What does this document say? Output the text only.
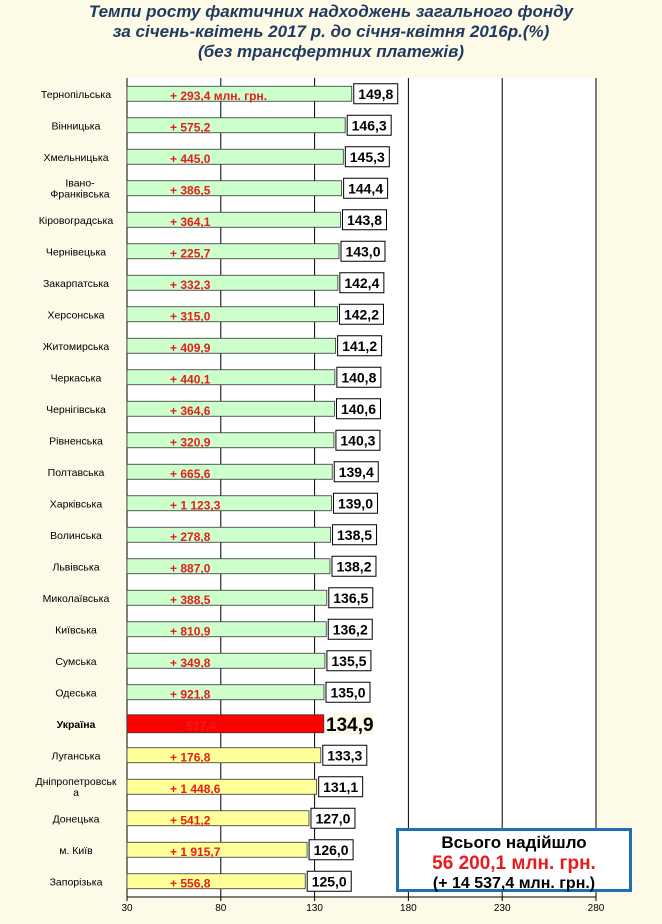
Темпи росту фактичних надходжень загального фонду
за січень-квітень 2017 р. до січня-квітня 2016р.(%)
(без трансфертних платежів)
30	80	130	180	230	280
Тернопільська	+ 293,4 млн. грн.	149,8
Вінницька	+ 575,2	146,3
Хмельницька	+ 445,0	145,3
Івано-Франківська	+ 386,5	144,4
Кіровоградська	+ 364,1	143,8
Чернівецька	+ 225,7	143,0
Закарпатська	+ 332,3	142,4
Херсонська	+ 315,0	142,2
Житомирська	+ 409,9	141,2
Черкаська	+ 440,1	140,8
Чернігівська	+ 364,6	140,6
Рівненська	+ 320,9	140,3
Полтавська	+ 665,6	139,4
Харківська	+ 1 123,3	139,0
Волинська	+ 278,8	138,5
Львівська	+ 887,0	138,2
Миколаївська	+ 388,5	136,5
Київська	+ 810,9	136,2
Сумська	+ 349,8	135,5
Одеська	+ 921,8	135,0
Україна	537,4	134,9
Луганська	+ 176,8	133,3
Дніпропетровськ а	+ 1 448,6	131,1
Донецька	+ 541,2	127,0
м. Київ	+ 1 915,7	126,0
Запорізька	+ 556,8	125,0
Всього надійшло
56 200,1 млн. грн.
(+ 14 537,4 млн. грн.)
